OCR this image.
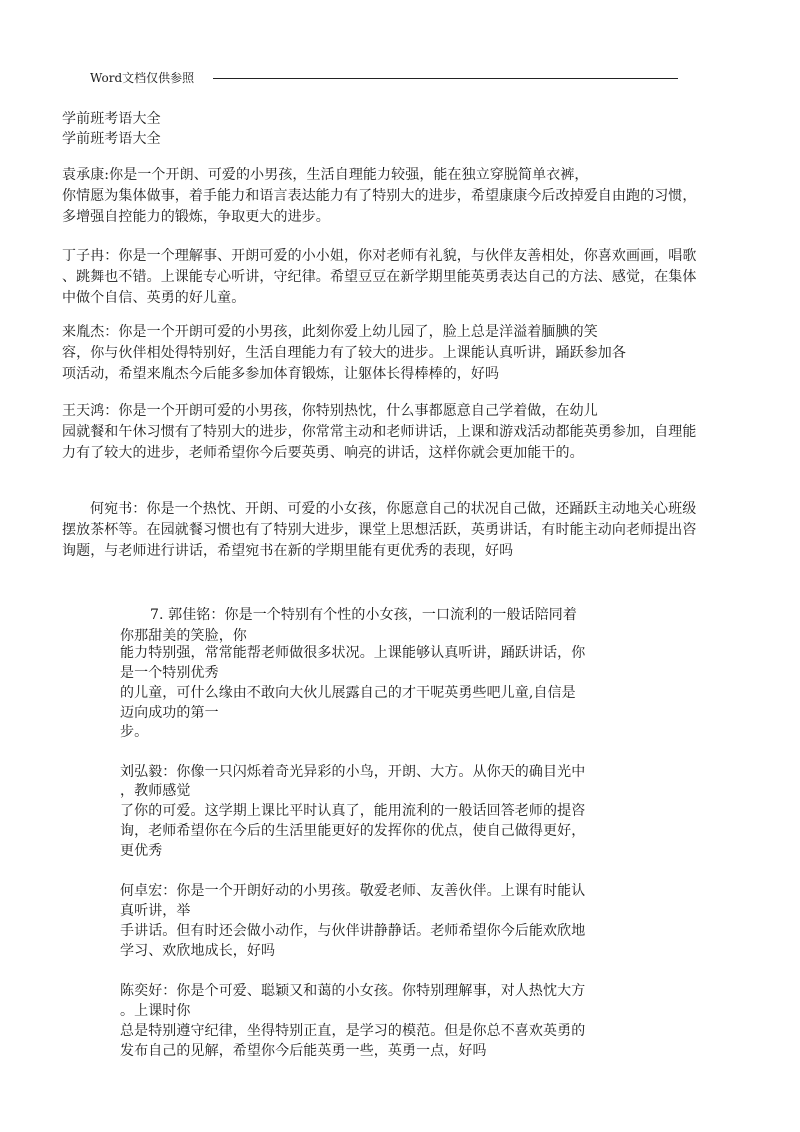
Word文档仅供参照
学前班考语大全
学前班考语大全
袁承康:你是一个开朗、可爱的小男孩，生活自理能力较强，能在独立穿脱简单衣裤，
你情愿为集体做事，着手能力和语言表达能力有了特别大的进步，希望康康今后改掉爱自由跑的习惯，
多增强自控能力的锻炼，争取更大的进步。
丁子冉：你是一个理解事、开朗可爱的小小姐，你对老师有礼貌，与伙伴友善相处，你喜欢画画，唱歌
、跳舞也不错。上课能专心听讲，守纪律。希望豆豆在新学期里能英勇表达自己的方法、感觉，在集体
中做个自信、英勇的好儿童。
来胤杰：你是一个开朗可爱的小男孩，此刻你爱上幼儿园了，脸上总是洋溢着腼腆的笑
容，你与伙伴相处得特别好，生活自理能力有了较大的进步。上课能认真听讲，踊跃参加各
项活动，希望来胤杰今后能多参加体育锻炼，让躯体长得棒棒的，好吗
王天鸿：你是一个开朗可爱的小男孩，你特别热忱，什么事都愿意自己学着做，在幼儿
园就餐和午休习惯有了特别大的进步，你常常主动和老师讲话，上课和游戏活动都能英勇参加，自理能
力有了较大的进步，老师希望你今后要英勇、响亮的讲话，这样你就会更加能干的。
何宛书：你是一个热忱、开朗、可爱的小女孩，你愿意自己的状况自己做，还踊跃主动地关心班级
摆放茶杯等。在园就餐习惯也有了特别大进步，课堂上思想活跃，英勇讲话，有时能主动向老师提出咨
询题，与老师进行讲话，希望宛书在新的学期里能有更优秀的表现，好吗
7. 郭佳铭：你是一个特别有个性的小女孩，一口流利的一般话陪同着
你那甜美的笑脸，你
能力特别强，常常能帮老师做很多状况。上课能够认真听讲，踊跃讲话，你
是一个特别优秀
的儿童，可什么缘由不敢向大伙儿展露自己的才干呢英勇些吧儿童,自信是
迈向成功的第一
步。
刘弘毅：你像一只闪烁着奇光异彩的小鸟，开朗、大方。从你天的确目光中
，教师感觉
了你的可爱。这学期上课比平时认真了，能用流利的一般话回答老师的提咨
询，老师希望你在今后的生活里能更好的发挥你的优点，使自己做得更好，
更优秀
何卓宏：你是一个开朗好动的小男孩。敬爱老师、友善伙伴。上课有时能认
真听讲，举
手讲话。但有时还会做小动作，与伙伴讲静静话。老师希望你今后能欢欣地
学习、欢欣地成长，好吗
陈奕好：你是个可爱、聪颖又和蔼的小女孩。你特别理解事，对人热忱大方
。上课时你
总是特别遵守纪律，坐得特别正直，是学习的模范。但是你总不喜欢英勇的
发布自己的见解，希望你今后能英勇一些，英勇一点，好吗
